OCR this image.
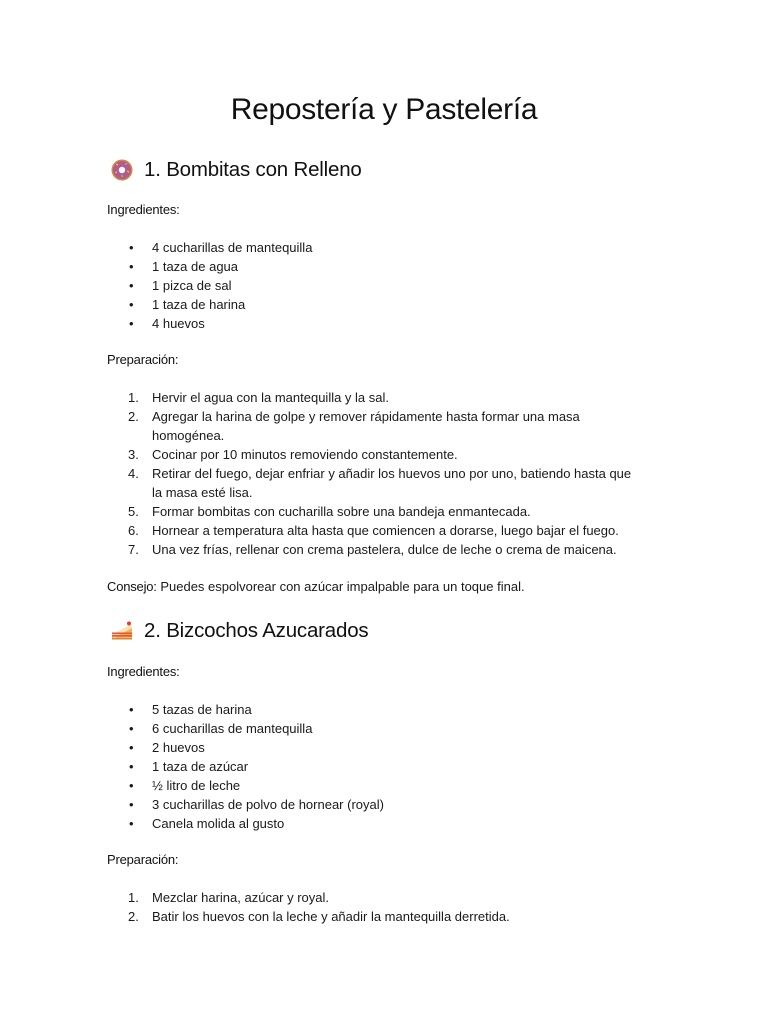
Repostería y Pastelería
1. Bombitas con Relleno
Ingredientes:
• 4 cucharillas de mantequilla
• 1 taza de agua
• 1 pizca de sal
• 1 taza de harina
• 4 huevos
Preparación:
1. Hervir el agua con la mantequilla y la sal.
2. Agregar la harina de golpe y remover rápidamente hasta formar una masa
homogénea.
3. Cocinar por 10 minutos removiendo constantemente.
4. Retirar del fuego, dejar enfriar y añadir los huevos uno por uno, batiendo hasta que
la masa esté lisa.
5. Formar bombitas con cucharilla sobre una bandeja enmantecada.
6. Hornear a temperatura alta hasta que comiencen a dorarse, luego bajar el fuego.
7. Una vez frías, rellenar con crema pastelera, dulce de leche o crema de maicena.
Consejo: Puedes espolvorear con azúcar impalpable para un toque final.
2. Bizcochos Azucarados
Ingredientes:
• 5 tazas de harina
• 6 cucharillas de mantequilla
• 2 huevos
• 1 taza de azúcar
• ½ litro de leche
• 3 cucharillas de polvo de hornear (royal)
• Canela molida al gusto
Preparación:
1. Mezclar harina, azúcar y royal.
2. Batir los huevos con la leche y añadir la mantequilla derretida.
